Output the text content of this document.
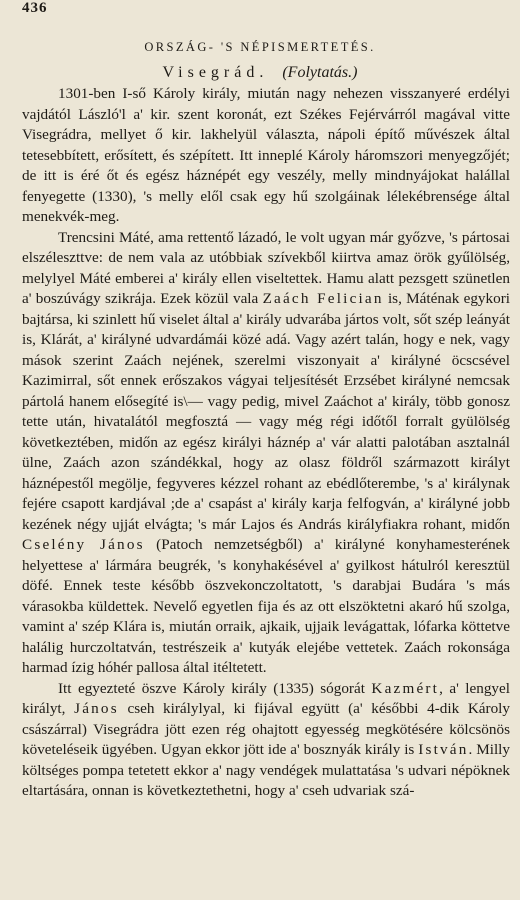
436
ORSZÁG- 'S NÉPISMERTETÉS.
Visegrád. (Folytatás.)

1301-ben I-ső Károly király, miután nagy nehezen visszanyeré erdélyi vajdától László'l a' kir. szent koronát, ezt Székes Fejérvárról magával vitte Visegrádra, mellyet ő kir. lakhelyül választa, nápoli építő művészek által tetesebbített, erősített, és szépített. Itt inneplé Károly háromszori menyegzőjét; de itt is éré őt és egész háznépét egy veszély, melly mindnyájokat halállal fenyegette (1330), 's melly elől csak egy hű szolgáinak lélekébrensége által menekvék-meg.

Trencsini Máté, ama rettentő lázadó, le volt ugyan már győzve, 's pártosai elszéleszttve: de nem vala az utóbbiak szívekből kiirtva amaz örök gyűlölség, melylyel Máté emberei a' király ellen viseltettek. Hamu alatt pezsgett szünetlen a' boszúvágy szikrája. Ezek közül vala Zaách Felician is, Máténak egykori bajtársa, ki szinlett hű viselet által a' király udvarába jártos volt, sőt szép leányát is, Klárát, a' királyné udvardámái közé adá. Vagy azért talán, hogy e nek, vagy mások szerint Zaách nejének, szerelmi viszonyait a' királyné öcscsével Kazimirral, sőt ennek erőszakos vágyai teljesítését Erzsébet királyné nemcsak pártolá hanem elősegíté is\— vagy pedig, mivel Zaáchot a' király, több gonosz tette után, hivatalától megfosztá — vagy még régi időtől forralt gyülölség következtében, midőn az egész királyi háznép a' vár alatti palotában asztalnál ülne, Zaách azon szándékkal, hogy az olasz földről származott királyt háznépestől megölje, fegyveres kézzel rohant az ebédlőterembe, 's a' királynak fejére csapott kardjával ;de a' csapást a' király karja felfogván, a' királyné jobb kezének négy ujját elvágta; 's már Lajos és András királyfiakra rohant, midőn Cselény János (Patoch nemzetségből) a' királyné konyhamesterének helyettese a' lármára beugrék, 's konyhakésével a' gyilkost hátulról keresztül döfé. Ennek teste később öszvekonczoltatott, 's darabjai Budára 's más várasokba küldettek. Nevelő egyetlen fija és az ott elszöktetni akaró hű szolga, vamint a' szép Klára is, miután orraik, ajkaik, ujjaik levágattak, lófarka köttetve halálig hurczoltatván, testrészeik a' kutyák elejébe vettetek. Zaách rokonsága harmad ízig hóhér pallosa által itéltetett.

Itt egyezteté öszve Károly király (1335) sógorát Kazmért, a' lengyel királyt, János cseh királylyal, ki fijával együtt (a' későbbi 4-dik Károly császárral) Visegrádra jött ezen rég ohajtott egyesség megkötésére kölcsönös követeléseik ügyében. Ugyan ekkor jött ide a' bosznyák király is István. Milly költséges pompa tetetett ekkor a' nagy vendégek mulattatása 's udvari népöknek eltartására, onnan is következtethetni, hogy a' cseh udvariak szá-
